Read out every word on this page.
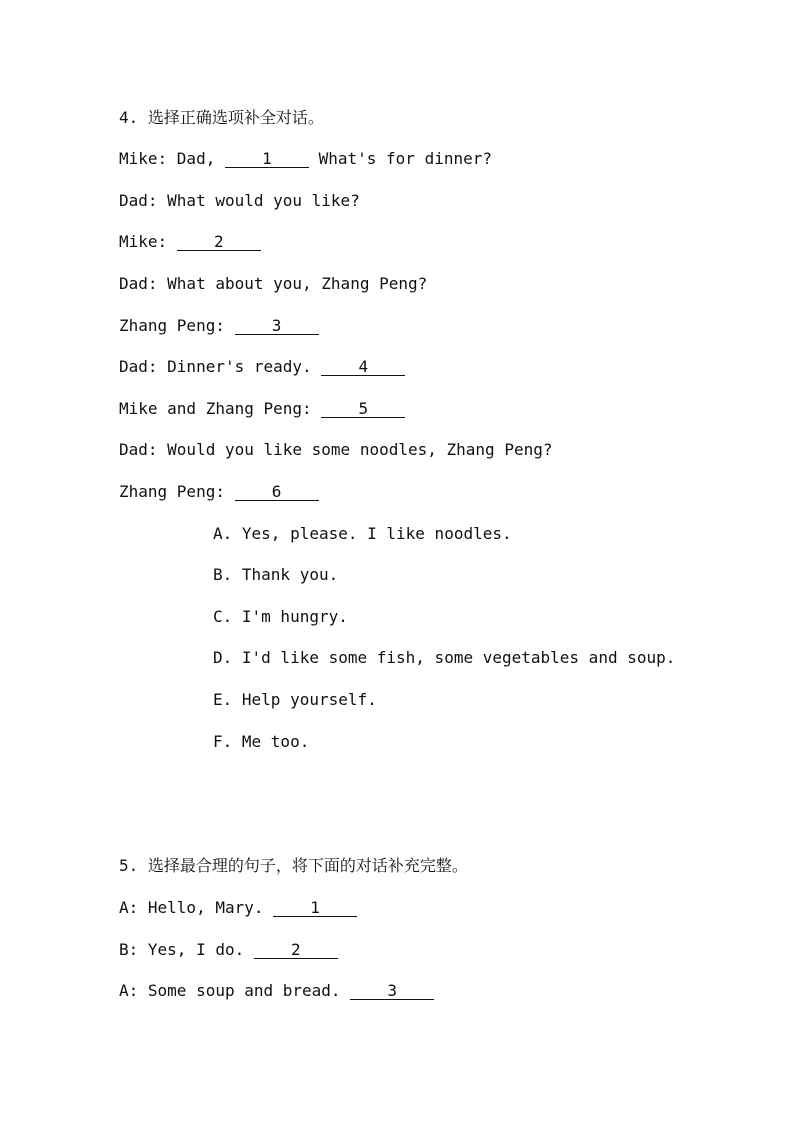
4. 选择正确选项补全对话。
Mike: Dad, 1 What's for dinner?
Dad: What would you like?
Mike: 2
Dad: What about you, Zhang Peng?
Zhang Peng: 3
Dad: Dinner's ready. 4
Mike and Zhang Peng: 5
Dad: Would you like some noodles, Zhang Peng?
Zhang Peng: 6
A. Yes, please. I like noodles.
B. Thank you.
C. I'm hungry.
D. I'd like some fish, some vegetables and soup.
E. Help yourself.
F. Me too.
5. 选择最合理的句子，将下面的对话补充完整。
A: Hello, Mary. 1
B: Yes, I do. 2
A: Some soup and bread. 3
